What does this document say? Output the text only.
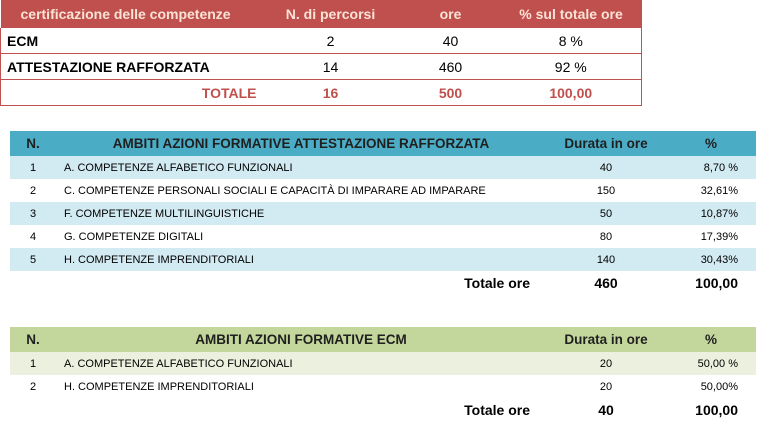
certificazione delle competenze	N. di percorsi	ore	% sul totale ore
ECM	2	40	8 %
ATTESTAZIONE RAFFORZATA	14	460	92 %
TOTALE	16	500	100,00
N.	AMBITI AZIONI FORMATIVE ATTESTAZIONE RAFFORZATA	Durata in ore	%
1	A. COMPETENZE ALFABETICO FUNZIONALI	40	8,70 %
2	C. COMPETENZE PERSONALI SOCIALI E CAPACITÀ DI IMPARARE AD IMPARARE	150	32,61%
3	F. COMPETENZE MULTILINGUISTICHE	50	10,87%
4	G. COMPETENZE DIGITALI	80	17,39%
5	H. COMPETENZE IMPRENDITORIALI	140	30,43%
	Totale ore	460	100,00
N.	AMBITI AZIONI FORMATIVE ECM	Durata in ore	%
1	A. COMPETENZE ALFABETICO FUNZIONALI	20	50,00 %
2	H. COMPETENZE IMPRENDITORIALI	20	50,00%
	Totale ore	40	100,00
